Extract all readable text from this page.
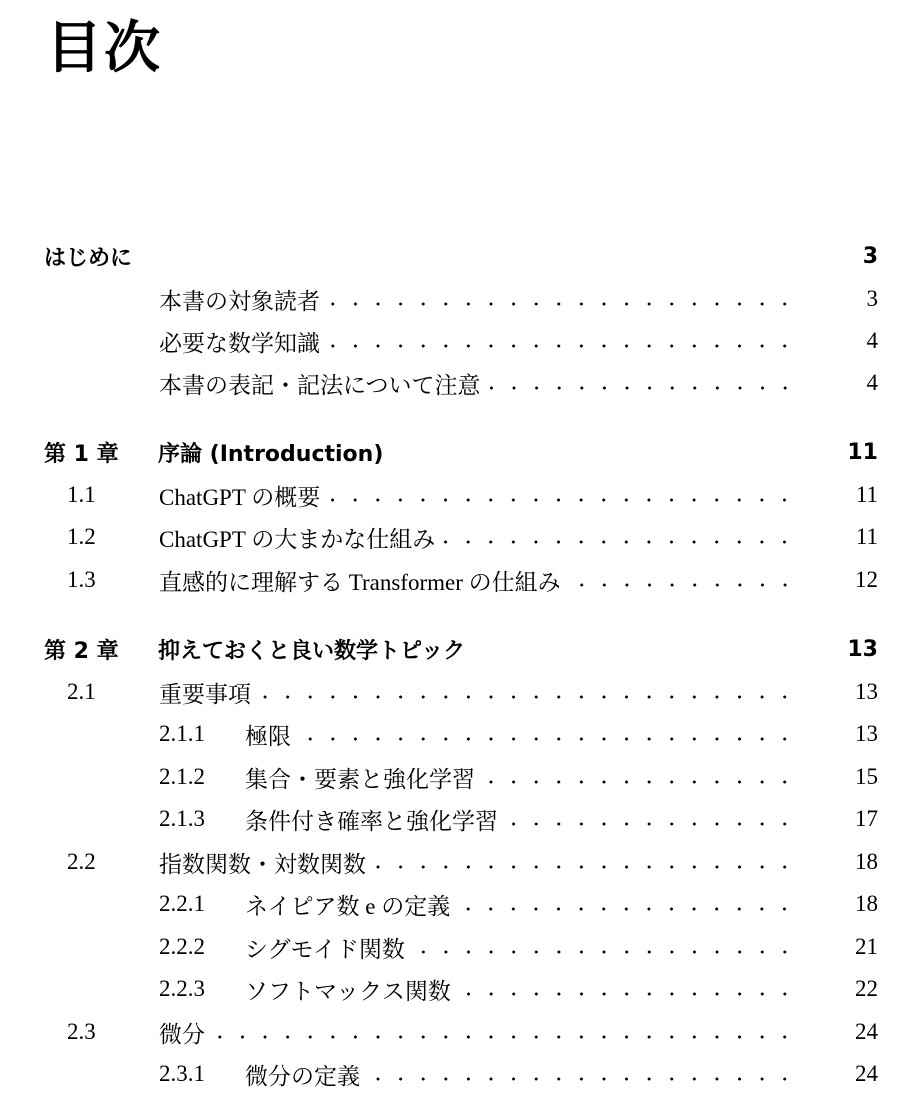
目次
はじめに	3
本書の対象読者	3
必要な数学知識	4
本書の表記・記法について注意	4
第 1 章	序論 (Introduction)	11
1.1	ChatGPT の概要	11
1.2	ChatGPT の大まかな仕組み	11
1.3	直感的に理解する Transformer の仕組み	12
第 2 章	抑えておくと良い数学トピック	13
2.1	重要事項	13
2.1.1	極限	13
2.1.2	集合・要素と強化学習	15
2.1.3	条件付き確率と強化学習	17
2.2	指数関数・対数関数	18
2.2.1	ネイピア数 e の定義	18
2.2.2	シグモイド関数	21
2.2.3	ソフトマックス関数	22
2.3	微分	24
2.3.1	微分の定義	24
